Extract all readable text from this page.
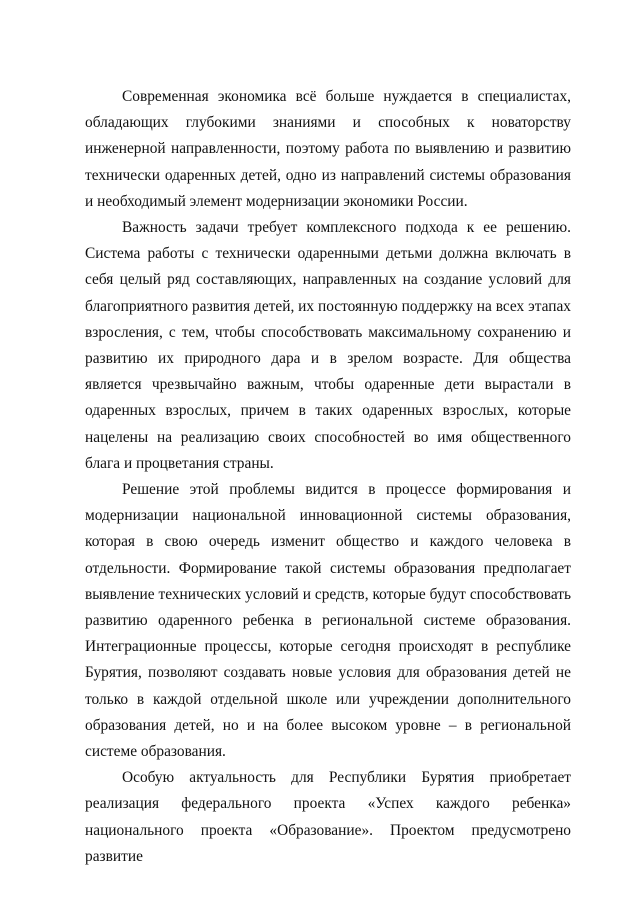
Современная экономика всё больше нуждается в специалистах, обладающих глубокими знаниями и способных к новаторству инженерной направленности, поэтому работа по выявлению и развитию технически одаренных детей, одно из направлений системы образования и необходимый элемент модернизации экономики России.

Важность задачи требует комплексного подхода к ее решению. Система работы с технически одаренными детьми должна включать в себя целый ряд составляющих, направленных на создание условий для благоприятного развития детей, их постоянную поддержку на всех этапах взросления, с тем, чтобы способствовать максимальному сохранению и развитию их природного дара и в зрелом возрасте. Для общества является чрезвычайно важным, чтобы одаренные дети вырастали в одаренных взрослых, причем в таких одаренных взрослых, которые нацелены на реализацию своих способностей во имя общественного блага и процветания страны.

Решение этой проблемы видится в процессе формирования и модернизации национальной инновационной системы образования, которая в свою очередь изменит общество и каждого человека в отдельности. Формирование такой системы образования предполагает выявление технических условий и средств, которые будут способствовать развитию одаренного ребенка в региональной системе образования. Интеграционные процессы, которые сегодня происходят в республике Бурятия, позволяют создавать новые условия для образования детей не только в каждой отдельной школе или учреждении дополнительного образования детей, но и на более высоком уровне – в региональной системе образования.

Особую актуальность для Республики Бурятия приобретает реализация федерального проекта «Успех каждого ребенка» национального проекта «Образование». Проектом предусмотрено развитие
